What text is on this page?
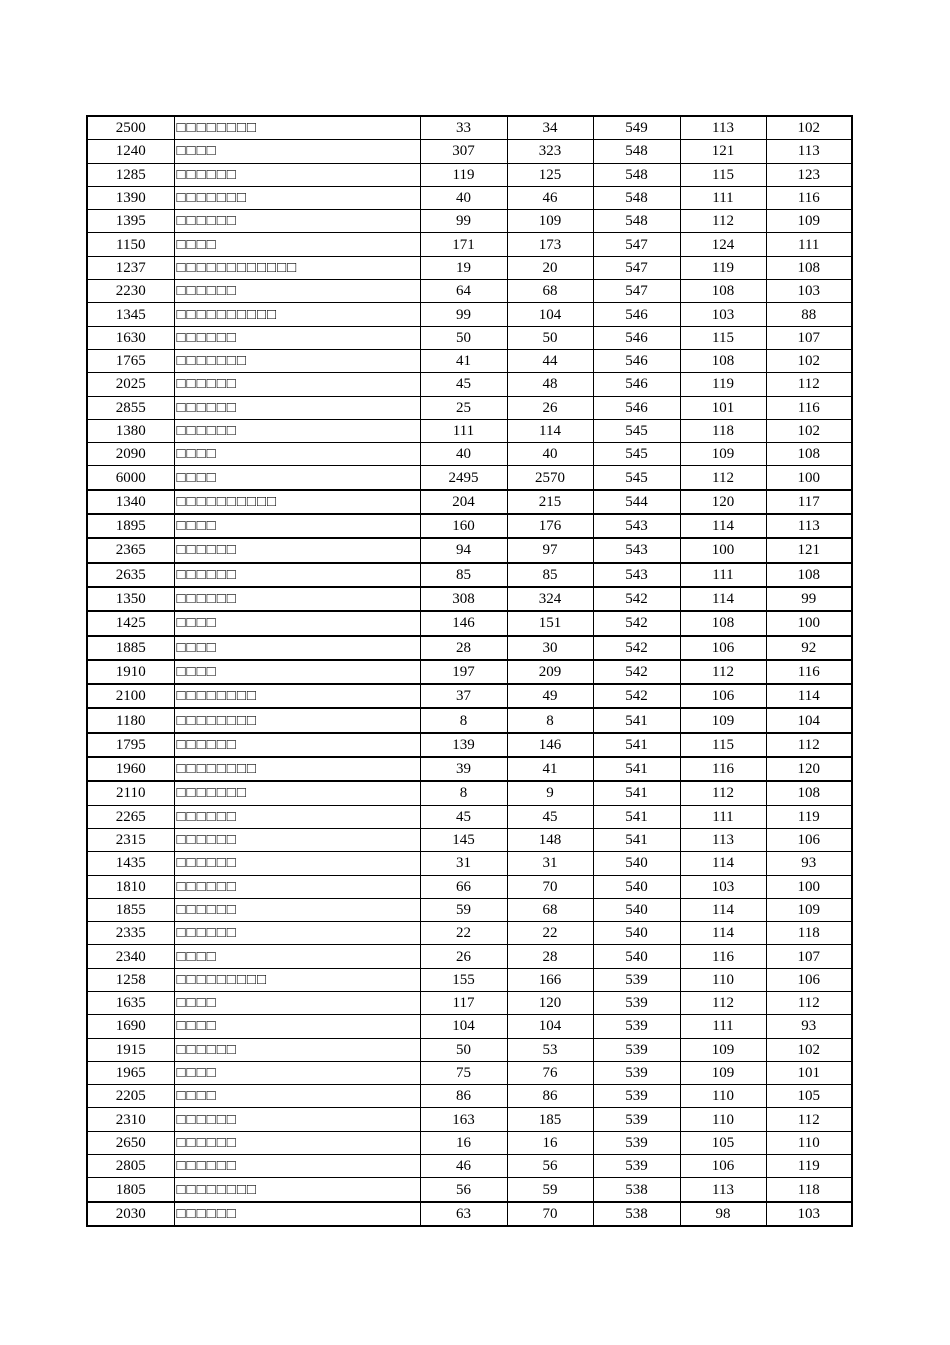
2500	□□□□□□□□	33	34	549	113	102
1240	□□□□	307	323	548	121	113
1285	□□□□□□	119	125	548	115	123
1390	□□□□□□□	40	46	548	111	116
1395	□□□□□□	99	109	548	112	109
1150	□□□□	171	173	547	124	111
1237	□□□□□□□□□□□□	19	20	547	119	108
2230	□□□□□□	64	68	547	108	103
1345	□□□□□□□□□□	99	104	546	103	88
1630	□□□□□□	50	50	546	115	107
1765	□□□□□□□	41	44	546	108	102
2025	□□□□□□	45	48	546	119	112
2855	□□□□□□	25	26	546	101	116
1380	□□□□□□	111	114	545	118	102
2090	□□□□	40	40	545	109	108
6000	□□□□	2495	2570	545	112	100
1340	□□□□□□□□□□	204	215	544	120	117
1895	□□□□	160	176	543	114	113
2365	□□□□□□	94	97	543	100	121
2635	□□□□□□	85	85	543	111	108
1350	□□□□□□	308	324	542	114	99
1425	□□□□	146	151	542	108	100
1885	□□□□	28	30	542	106	92
1910	□□□□	197	209	542	112	116
2100	□□□□□□□□	37	49	542	106	114
1180	□□□□□□□□	8	8	541	109	104
1795	□□□□□□	139	146	541	115	112
1960	□□□□□□□□	39	41	541	116	120
2110	□□□□□□□	8	9	541	112	108
2265	□□□□□□	45	45	541	111	119
2315	□□□□□□	145	148	541	113	106
1435	□□□□□□	31	31	540	114	93
1810	□□□□□□	66	70	540	103	100
1855	□□□□□□	59	68	540	114	109
2335	□□□□□□	22	22	540	114	118
2340	□□□□	26	28	540	116	107
1258	□□□□□□□□□	155	166	539	110	106
1635	□□□□	117	120	539	112	112
1690	□□□□	104	104	539	111	93
1915	□□□□□□	50	53	539	109	102
1965	□□□□	75	76	539	109	101
2205	□□□□	86	86	539	110	105
2310	□□□□□□	163	185	539	110	112
2650	□□□□□□	16	16	539	105	110
2805	□□□□□□	46	56	539	106	119
1805	□□□□□□□□	56	59	538	113	118
2030	□□□□□□	63	70	538	98	103
